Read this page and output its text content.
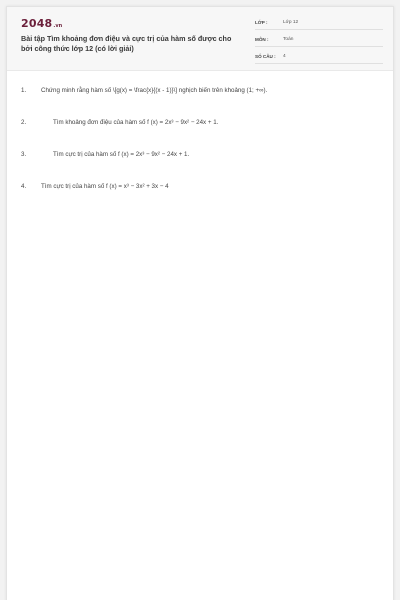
2048 .vn
Bài tập Tìm khoảng đơn điệu và cực trị của hàm số được cho bởi công thức lớp 12 (có lời giải)
LỚP :	Lớp 12
MÔN :	Toán
SỐ CÂU :	4
1. Chứng minh rằng hàm số \[g(x) = \frac{x}{(x - 1)}\] nghịch biến trên khoảng (1; +∞).
2.	Tìm khoảng đơn điệu của hàm số f (x) = 2x³ − 9x² − 24x + 1.
3.	Tìm cực trị của hàm số f (x) = 2x³ − 9x² − 24x + 1.
4. Tìm cực trị của hàm số f (x) = x³ − 3x² + 3x − 4
